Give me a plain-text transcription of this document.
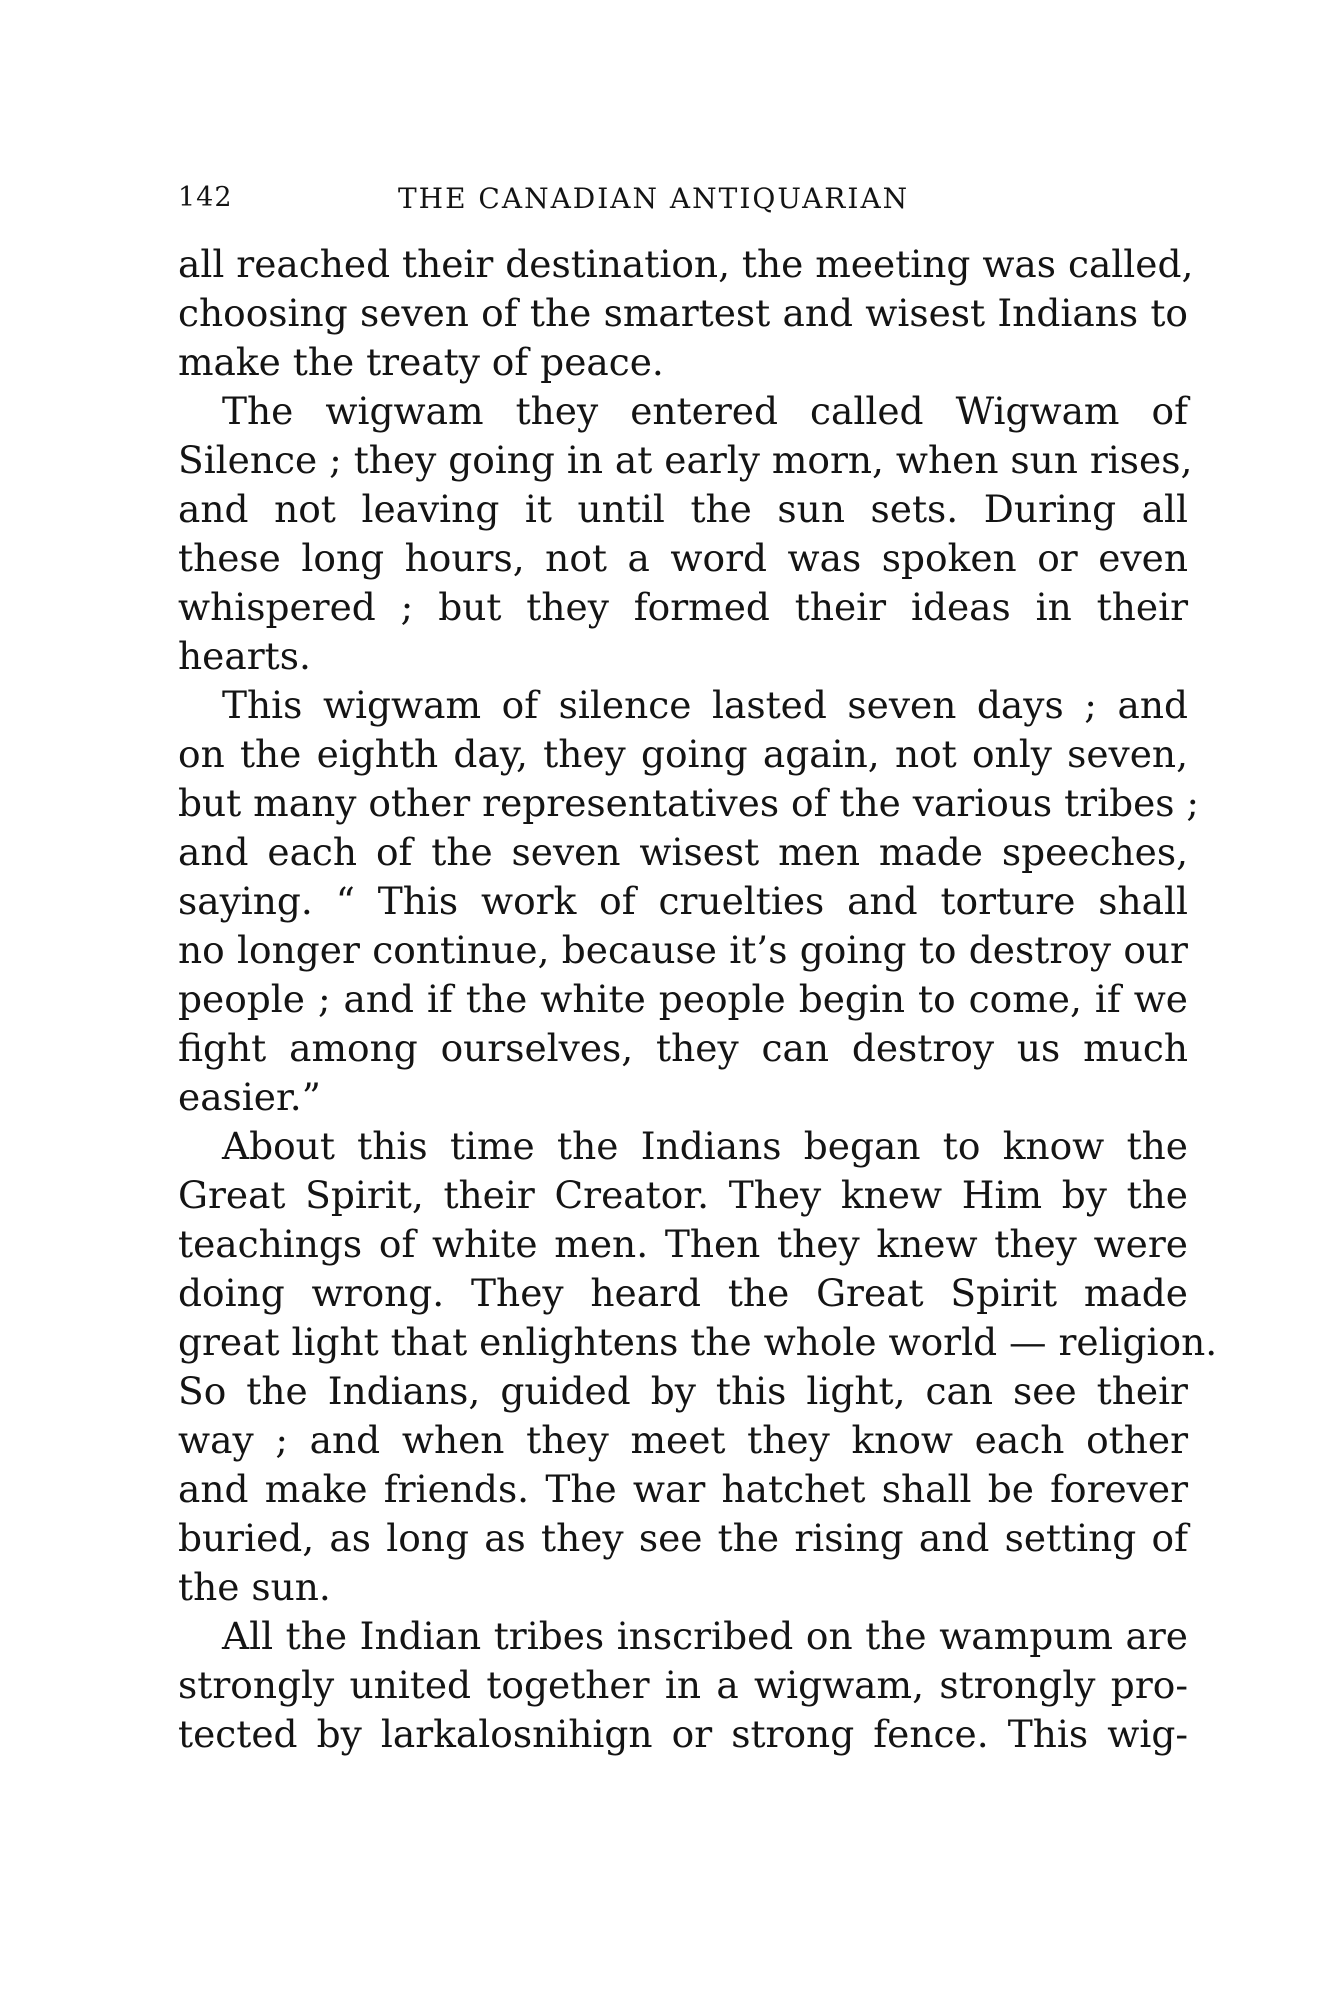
142	THE CANADIAN ANTIQUARIAN
all reached their destination, the meeting was called,
choosing seven of the smartest and wisest Indians to
make the treaty of peace.
The wigwam they entered called Wigwam of
Silence ; they going in at early morn, when sun rises,
and not leaving it until the sun sets. During all
these long hours, not a word was spoken or even
whispered ; but they formed their ideas in their
hearts.
This wigwam of silence lasted seven days ; and
on the eighth day, they going again, not only seven,
but many other representatives of the various tribes ;
and each of the seven wisest men made speeches,
saying. “ This work of cruelties and torture shall
no longer continue, because it’s going to destroy our
people ; and if the white people begin to come, if we
fight among ourselves, they can destroy us much
easier.”
About this time the Indians began to know the
Great Spirit, their Creator. They knew Him by the
teachings of white men. Then they knew they were
doing wrong. They heard the Great Spirit made
great light that enlightens the whole world — religion.
So the Indians, guided by this light, can see their
way ; and when they meet they know each other
and make friends. The war hatchet shall be forever
buried, as long as they see the rising and setting of
the sun.
All the Indian tribes inscribed on the wampum are
strongly united together in a wigwam, strongly pro-
tected by larkalosnihign or strong fence. This wig-
